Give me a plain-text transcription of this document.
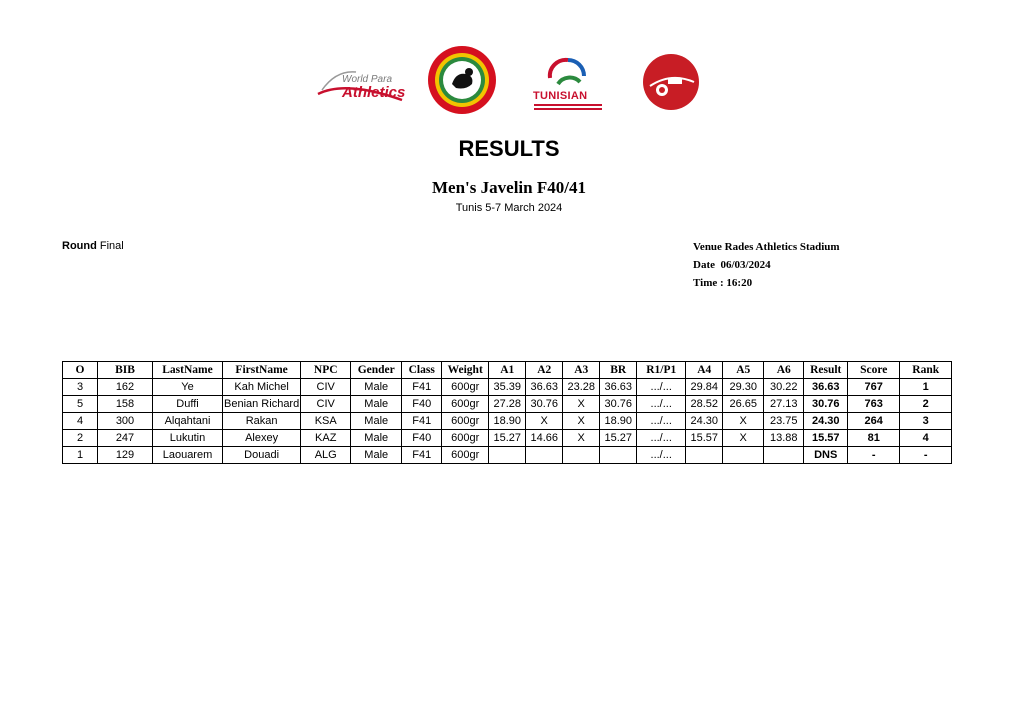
World Para
Athletics	TUNISIAN
RESULTS
Men's Javelin F40/41
Tunis 5-7 March 2024
Round Final	Venue Rades Athletics Stadium
Date 06/03/2024
Time : 16:20
O	BIB	LastName	FirstName	NPC	Gender	Class	Weight	A1	A2	A3	BR	R1/P1	A4	A5	A6	Result	Score	Rank
3	162	Ye	Kah Michel	CIV	Male	F41	600gr	35.39	36.63	23.28	36.63	.../...	29.84	29.30	30.22	36.63	767	1
5	158	Duffi	Benian Richard	CIV	Male	F40	600gr	27.28	30.76	X	30.76	.../...	28.52	26.65	27.13	30.76	763	2
4	300	Alqahtani	Rakan	KSA	Male	F41	600gr	18.90	X	X	18.90	.../...	24.30	X	23.75	24.30	264	3
2	247	Lukutin	Alexey	KAZ	Male	F40	600gr	15.27	14.66	X	15.27	.../...	15.57	X	13.88	15.57	81	4
1	129	Laouarem	Douadi	ALG	Male	F41	600gr					.../...				DNS	-	-
